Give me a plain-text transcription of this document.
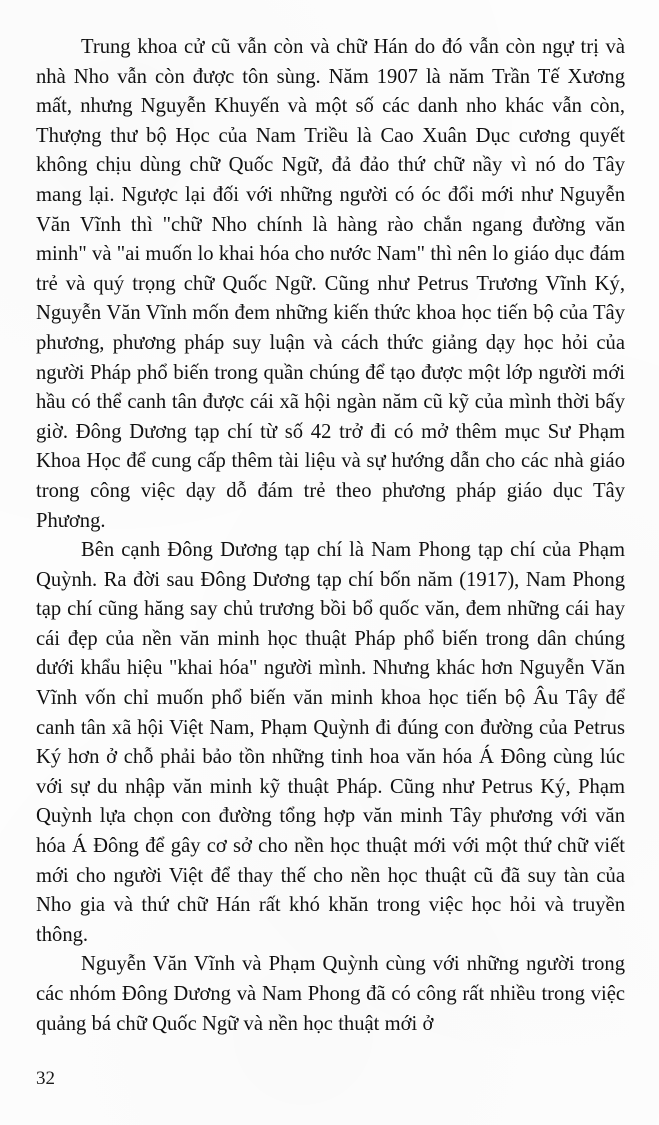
Trung khoa cử cũ vẫn còn và chữ Hán do đó vẫn còn ngự trị và nhà Nho vẫn còn được tôn sùng. Năm 1907 là năm Trần Tế Xương mất, nhưng Nguyễn Khuyến và một số các danh nho khác vẫn còn, Thượng thư bộ Học của Nam Triều là Cao Xuân Dục cương quyết không chịu dùng chữ Quốc Ngữ, đả đảo thứ chữ nầy vì nó do Tây mang lại. Ngược lại đối với những người có óc đổi mới như Nguyễn Văn Vĩnh thì "chữ Nho chính là hàng rào chắn ngang đường văn minh" và "ai muốn lo khai hóa cho nước Nam" thì nên lo giáo dục đám trẻ và quý trọng chữ Quốc Ngữ. Cũng như Petrus Trương Vĩnh Ký, Nguyễn Văn Vĩnh mốn đem những kiến thức khoa học tiến bộ của Tây phương, phương pháp suy luận và cách thức giảng dạy học hỏi của người Pháp phổ biến trong quần chúng để tạo được một lớp người mới hầu có thể canh tân được cái xã hội ngàn năm cũ kỹ của mình thời bấy giờ. Đông Dương tạp chí từ số 42 trở đi có mở thêm mục Sư Phạm Khoa Học để cung cấp thêm tài liệu và sự hướng dẫn cho các nhà giáo trong công việc dạy dỗ đám trẻ theo phương pháp giáo dục Tây Phương.

Bên cạnh Đông Dương tạp chí là Nam Phong tạp chí của Phạm Quỳnh. Ra đời sau Đông Dương tạp chí bốn năm (1917), Nam Phong tạp chí cũng hăng say chủ trương bồi bổ quốc văn, đem những cái hay cái đẹp của nền văn minh học thuật Pháp phổ biến trong dân chúng dưới khẩu hiệu "khai hóa" người mình. Nhưng khác hơn Nguyễn Văn Vĩnh vốn chỉ muốn phổ biến văn minh khoa học tiến bộ Âu Tây để canh tân xã hội Việt Nam, Phạm Quỳnh đi đúng con đường của Petrus Ký hơn ở chỗ phải bảo tồn những tinh hoa văn hóa Á Đông cùng lúc với sự du nhập văn minh kỹ thuật Pháp. Cũng như Petrus Ký, Phạm Quỳnh lựa chọn con đường tổng hợp văn minh Tây phương với văn hóa Á Đông để gây cơ sở cho nền học thuật mới với một thứ chữ viết mới cho người Việt để thay thế cho nền học thuật cũ đã suy tàn của Nho gia và thứ chữ Hán rất khó khăn trong việc học hỏi và truyền thông.

Nguyễn Văn Vĩnh và Phạm Quỳnh cùng với những người trong các nhóm Đông Dương và Nam Phong đã có công rất nhiều trong việc quảng bá chữ Quốc Ngữ và nền học thuật mới ở

32
